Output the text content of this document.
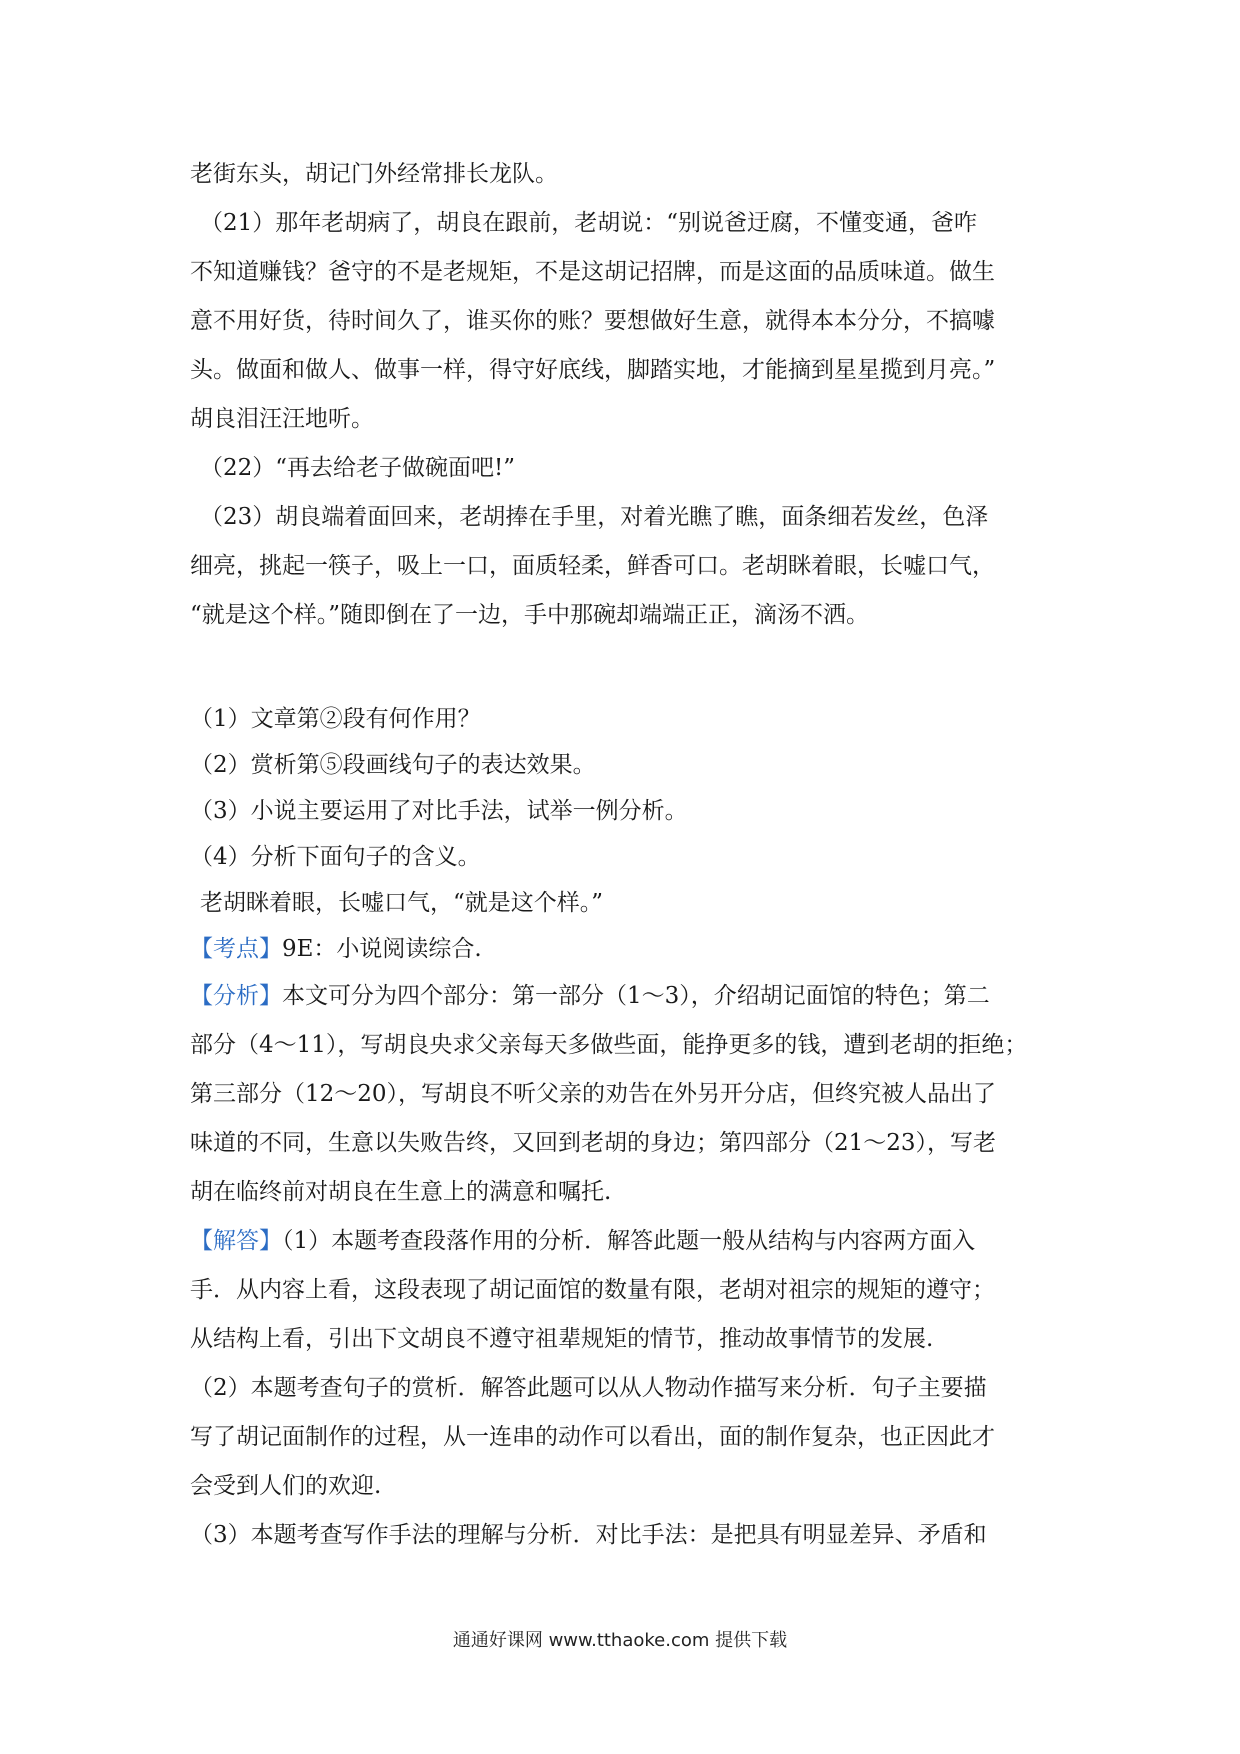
老街东头，胡记门外经常排长龙队。
（21）那年老胡病了，胡良在跟前，老胡说：“别说爸迂腐，不懂变通，爸咋
不知道赚钱？爸守的不是老规矩，不是这胡记招牌，而是这面的品质味道。做生
意不用好货，待时间久了，谁买你的账？要想做好生意，就得本本分分，不搞噱
头。做面和做人、做事一样，得守好底线，脚踏实地，才能摘到星星揽到月亮。”
胡良泪汪汪地听。
（22）“再去给老子做碗面吧!”
（23）胡良端着面回来，老胡捧在手里，对着光瞧了瞧，面条细若发丝，色泽
细亮，挑起一筷子，吸上一口，面质轻柔，鲜香可口。老胡眯着眼，长嘘口气，
“就是这个样。”随即倒在了一边，手中那碗却端端正正，滴汤不洒。
（1）文章第②段有何作用？
（2）赏析第⑤段画线句子的表达效果。
（3）小说主要运用了对比手法，试举一例分析。
（4）分析下面句子的含义。
老胡眯着眼，长嘘口气，“就是这个样。”
【考点】9E：小说阅读综合.
【分析】本文可分为四个部分：第一部分（1～3），介绍胡记面馆的特色；第二
部分（4～11），写胡良央求父亲每天多做些面，能挣更多的钱，遭到老胡的拒绝；
第三部分（12～20），写胡良不听父亲的劝告在外另开分店，但终究被人品出了
味道的不同，生意以失败告终，又回到老胡的身边；第四部分（21～23），写老
胡在临终前对胡良在生意上的满意和嘱托.
【解答】（1）本题考查段落作用的分析．解答此题一般从结构与内容两方面入
手．从内容上看，这段表现了胡记面馆的数量有限，老胡对祖宗的规矩的遵守；
从结构上看，引出下文胡良不遵守祖辈规矩的情节，推动故事情节的发展.
（2）本题考查句子的赏析．解答此题可以从人物动作描写来分析．句子主要描
写了胡记面制作的过程，从一连串的动作可以看出，面的制作复杂，也正因此才
会受到人们的欢迎.
（3）本题考查写作手法的理解与分析．对比手法：是把具有明显差异、矛盾和
通通好课网 www.tthaoke.com 提供下载
